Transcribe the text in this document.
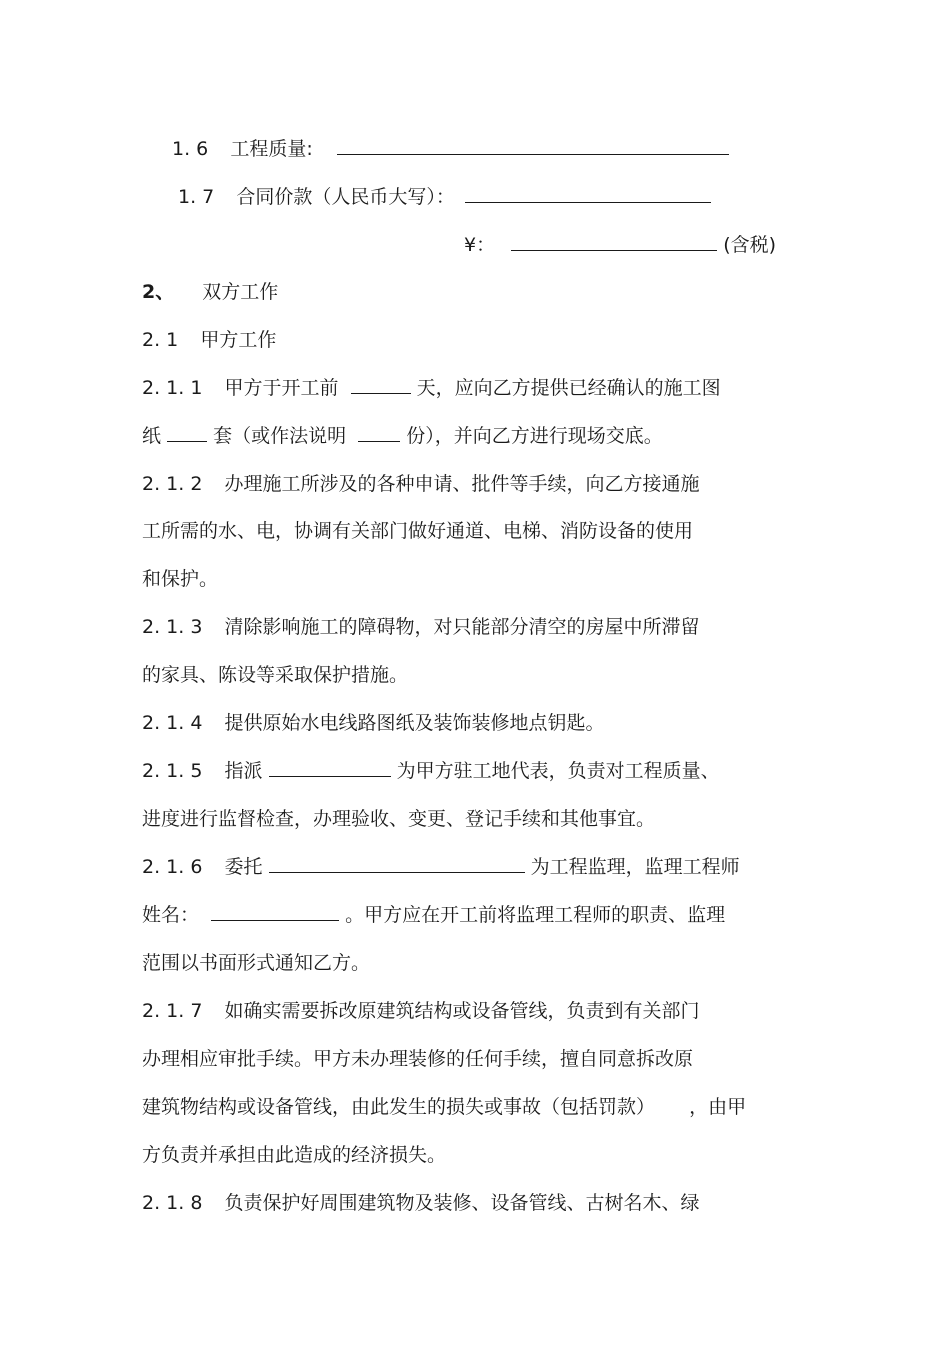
1. 6 工程质量:
1. 7 合同价款（人民币大写）：
¥：	(含税)
2、 双方工作
2. 1 甲方工作
2. 1. 1 甲方于开工前	天，应向乙方提供已经确认的施工图
纸	套（或作法说明	份），并向乙方进行现场交底。
2. 1. 2 办理施工所涉及的各种申请、批件等手续，向乙方接通施
工所需的水、电，协调有关部门做好通道、电梯、消防设备的使用
和保护。
2. 1. 3 清除影响施工的障碍物，对只能部分清空的房屋中所滞留
的家具、陈设等采取保护措施。
2. 1. 4 提供原始水电线路图纸及装饰装修地点钥匙。
2. 1. 5 指派	为甲方驻工地代表，负责对工程质量、
进度进行监督检查，办理验收、变更、登记手续和其他事宜。
2. 1. 6 委托	为工程监理，监理工程师
姓名：	。甲方应在开工前将监理工程师的职责、监理
范围以书面形式通知乙方。
2. 1. 7 如确实需要拆改原建筑结构或设备管线，负责到有关部门
办理相应审批手续。甲方未办理装修的任何手续，擅自同意拆改原
建筑物结构或设备管线，由此发生的损失或事故（包括罚款） ，由甲
方负责并承担由此造成的经济损失。
2. 1. 8 负责保护好周围建筑物及装修、设备管线、古树名木、绿
